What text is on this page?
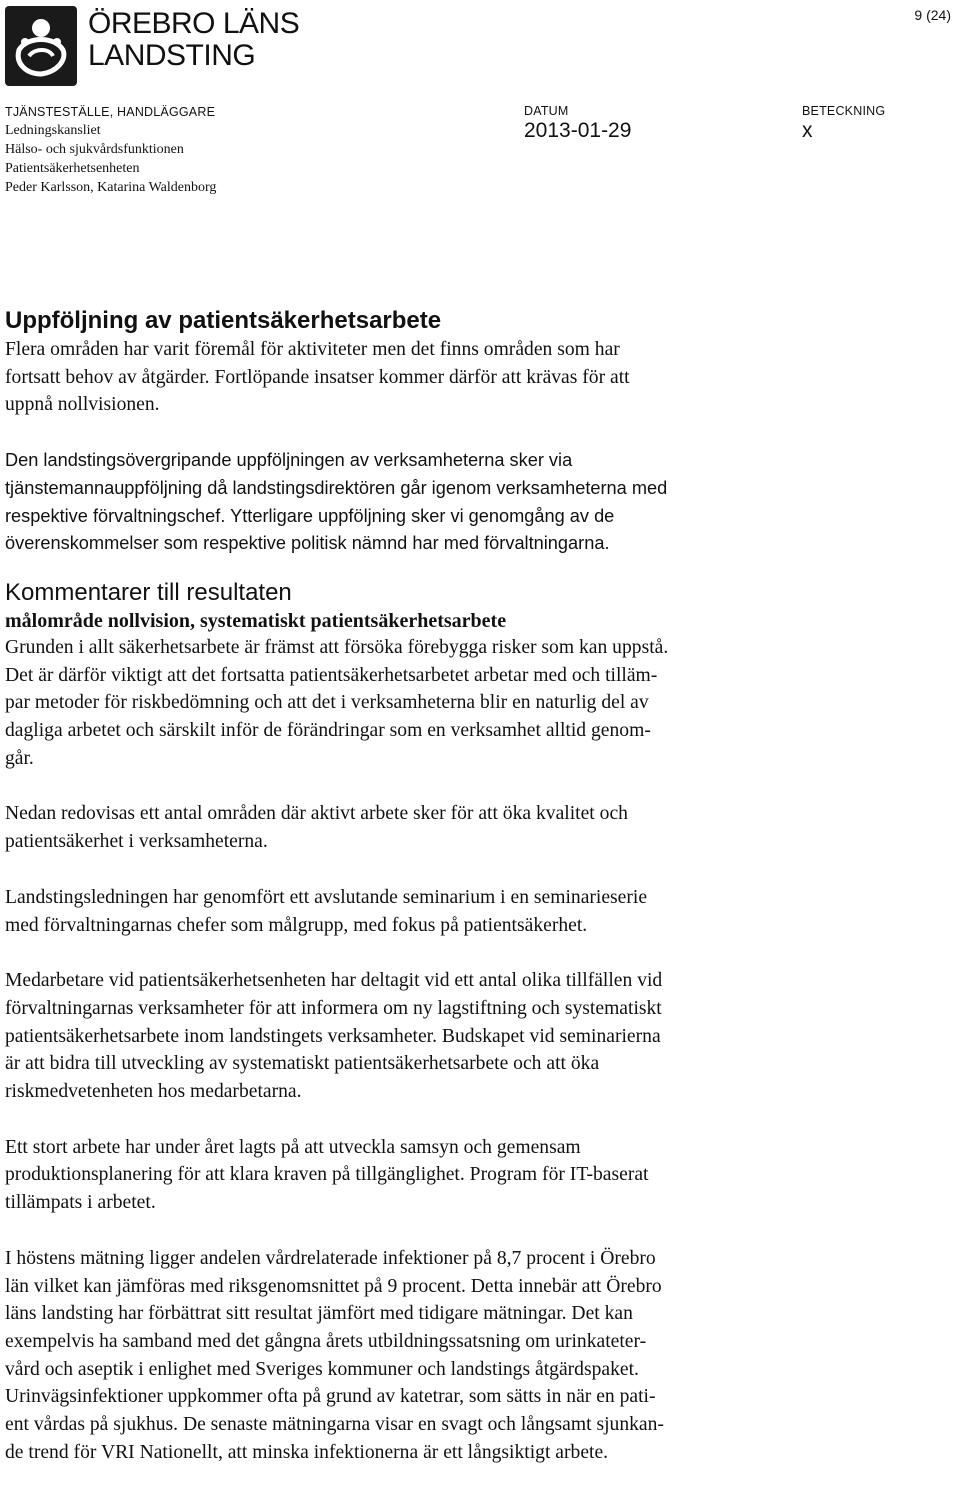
ÖREBRO LÄNS
LANDSTING
9 (24)
TJÄNSTESTÄLLE, HANDLÄGGARE
Ledningskansliet
Hälso- och sjukvårdsfunktionen
Patientsäkerhetsenheten
Peder Karlsson, Katarina Waldenborg
DATUM
2013-01-29
BETECKNING
x
Uppföljning av patientsäkerhetsarbete

Flera områden har varit föremål för aktiviteter men det finns områden som har
fortsatt behov av åtgärder. Fortlöpande insatser kommer därför att krävas för att
uppnå nollvisionen.

Den landstingsövergripande uppföljningen av verksamheterna sker via
tjänstemannauppföljning då landstingsdirektören går igenom verksamheterna med
respektive förvaltningschef. Ytterligare uppföljning sker vi genomgång av de
överenskommelser som respektive politisk nämnd har med förvaltningarna.

Kommentarer till resultaten
målområde nollvision, systematiskt patientsäkerhetsarbete

Grunden i allt säkerhetsarbete är främst att försöka förebygga risker som kan uppstå.
Det är därför viktigt att det fortsatta patientsäkerhetsarbetet arbetar med och tilläm-
par metoder för riskbedömning och att det i verksamheterna blir en naturlig del av
dagliga arbetet och särskilt inför de förändringar som en verksamhet alltid genom-
går.

Nedan redovisas ett antal områden där aktivt arbete sker för att öka kvalitet och
patientsäkerhet i verksamheterna.

Landstingsledningen har genomfört ett avslutande seminarium i en seminarieserie
med förvaltningarnas chefer som målgrupp, med fokus på patientsäkerhet.

Medarbetare vid patientsäkerhetsenheten har deltagit vid ett antal olika tillfällen vid
förvaltningarnas verksamheter för att informera om ny lagstiftning och systematiskt
patientsäkerhetsarbete inom landstingets verksamheter. Budskapet vid seminarierna
är att bidra till utveckling av systematiskt patientsäkerhetsarbete och att öka
riskmedvetenheten hos medarbetarna.

Ett stort arbete har under året lagts på att utveckla samsyn och gemensam
produktionsplanering för att klara kraven på tillgänglighet. Program för IT-baserat
tillämpats i arbetet.

I höstens mätning ligger andelen vårdrelaterade infektioner på 8,7 procent i Örebro
län vilket kan jämföras med riksgenomsnittet på 9 procent. Detta innebär att Örebro
läns landsting har förbättrat sitt resultat jämfört med tidigare mätningar. Det kan
exempelvis ha samband med det gångna årets utbildningssatsning om urinkateter-
vård och aseptik i enlighet med Sveriges kommuner och landstings åtgärdspaket.
Urinvägsinfektioner uppkommer ofta på grund av katetrar, som sätts in när en pati-
ent vårdas på sjukhus. De senaste mätningarna visar en svagt och långsamt sjunkan-
de trend för VRI Nationellt, att minska infektionerna är ett långsiktigt arbete.
